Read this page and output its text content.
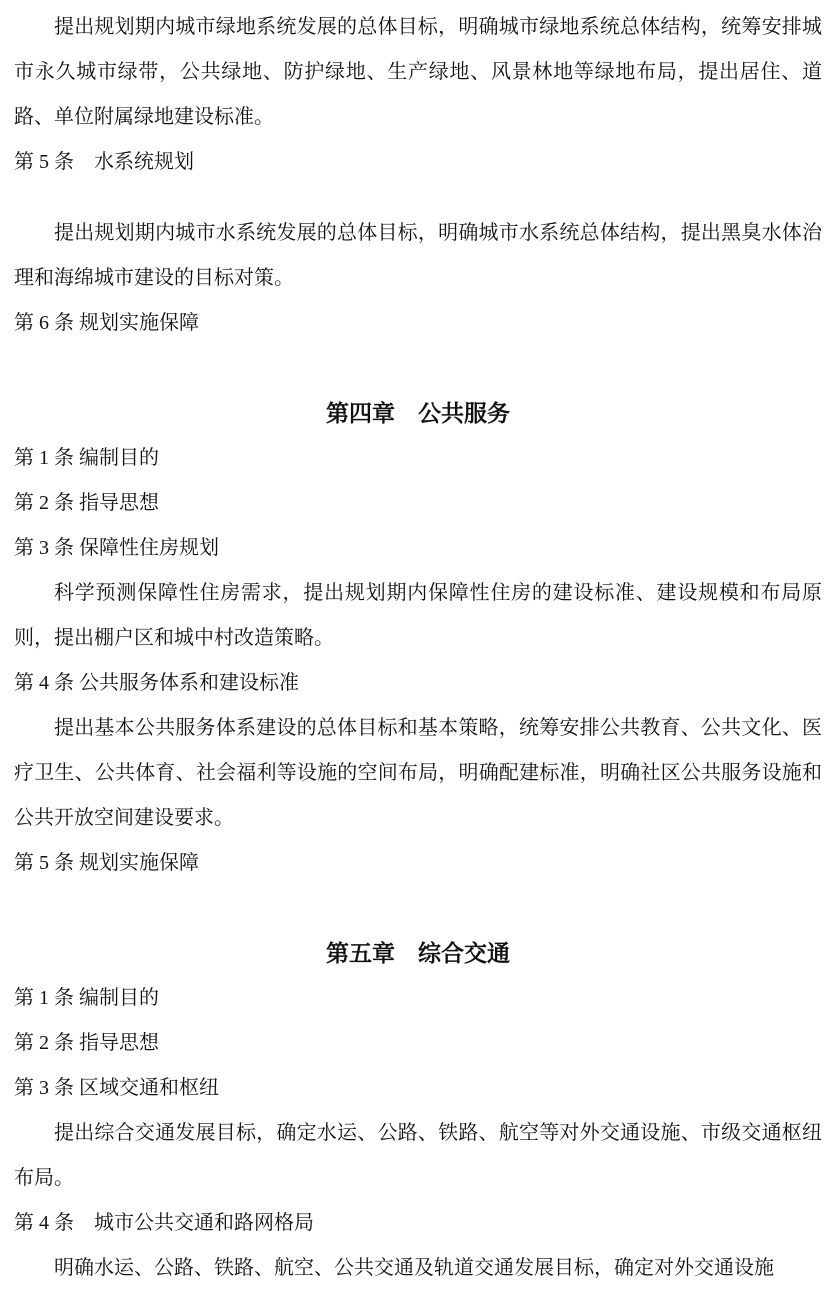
提出规划期内城市绿地系统发展的总体目标，明确城市绿地系统总体结构，统筹安排城市永久城市绿带，公共绿地、防护绿地、生产绿地、风景林地等绿地布局，提出居住、道路、单位附属绿地建设标准。
第 5 条　水系统规划
提出规划期内城市水系统发展的总体目标，明确城市水系统总体结构，提出黑臭水体治理和海绵城市建设的目标对策。
第 6 条 规划实施保障
第四章　公共服务
第 1 条 编制目的
第 2 条 指导思想
第 3 条 保障性住房规划
科学预测保障性住房需求，提出规划期内保障性住房的建设标准、建设规模和布局原则，提出棚户区和城中村改造策略。
第 4 条 公共服务体系和建设标准
提出基本公共服务体系建设的总体目标和基本策略，统筹安排公共教育、公共文化、医疗卫生、公共体育、社会福利等设施的空间布局，明确配建标准，明确社区公共服务设施和公共开放空间建设要求。
第 5 条 规划实施保障
第五章　综合交通
第 1 条 编制目的
第 2 条 指导思想
第 3 条 区域交通和枢纽
提出综合交通发展目标，确定水运、公路、铁路、航空等对外交通设施、市级交通枢纽布局。
第 4 条　城市公共交通和路网格局
明确水运、公路、铁路、航空、公共交通及轨道交通发展目标，确定对外交通设施
